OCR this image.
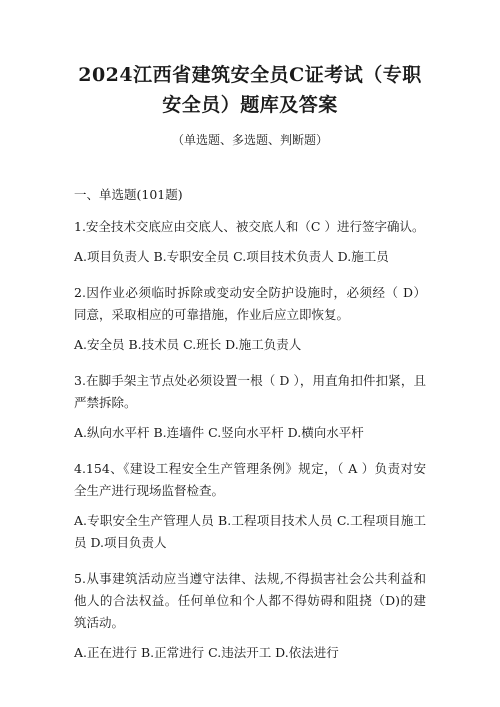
2024江西省建筑安全员C证考试（专职安全员）题库及答案
（单选题、多选题、判断题）
一、单选题(101题)

1.安全技术交底应由交底人、被交底人和（C ）进行签字确认。

A.项目负责人 B.专职安全员 C.项目技术负责人 D.施工员

2.因作业必须临时拆除或变动安全防护设施时，必须经（ D） 同意，采取相应的可靠措施，作业后应立即恢复。

A.安全员 B.技术员 C.班长 D.施工负责人

3.在脚手架主节点处必须设置一根（ D ），用直角扣件扣紧，且严禁拆除。

A.纵向水平杆 B.连墙件 C.竖向水平杆 D.横向水平杆

4.154、《建设工程安全生产管理条例》规定，（ A ）负责对安全生产进行现场监督检查。

A.专职安全生产管理人员 B.工程项目技术人员 C.工程项目施工员 D.项目负责人

5.从事建筑活动应当遵守法律、法规,不得损害社会公共利益和他人的合法权益。任何单位和个人都不得妨碍和阻挠（D)的建筑活动。

A.正在进行 B.正常进行 C.违法开工 D.依法进行
